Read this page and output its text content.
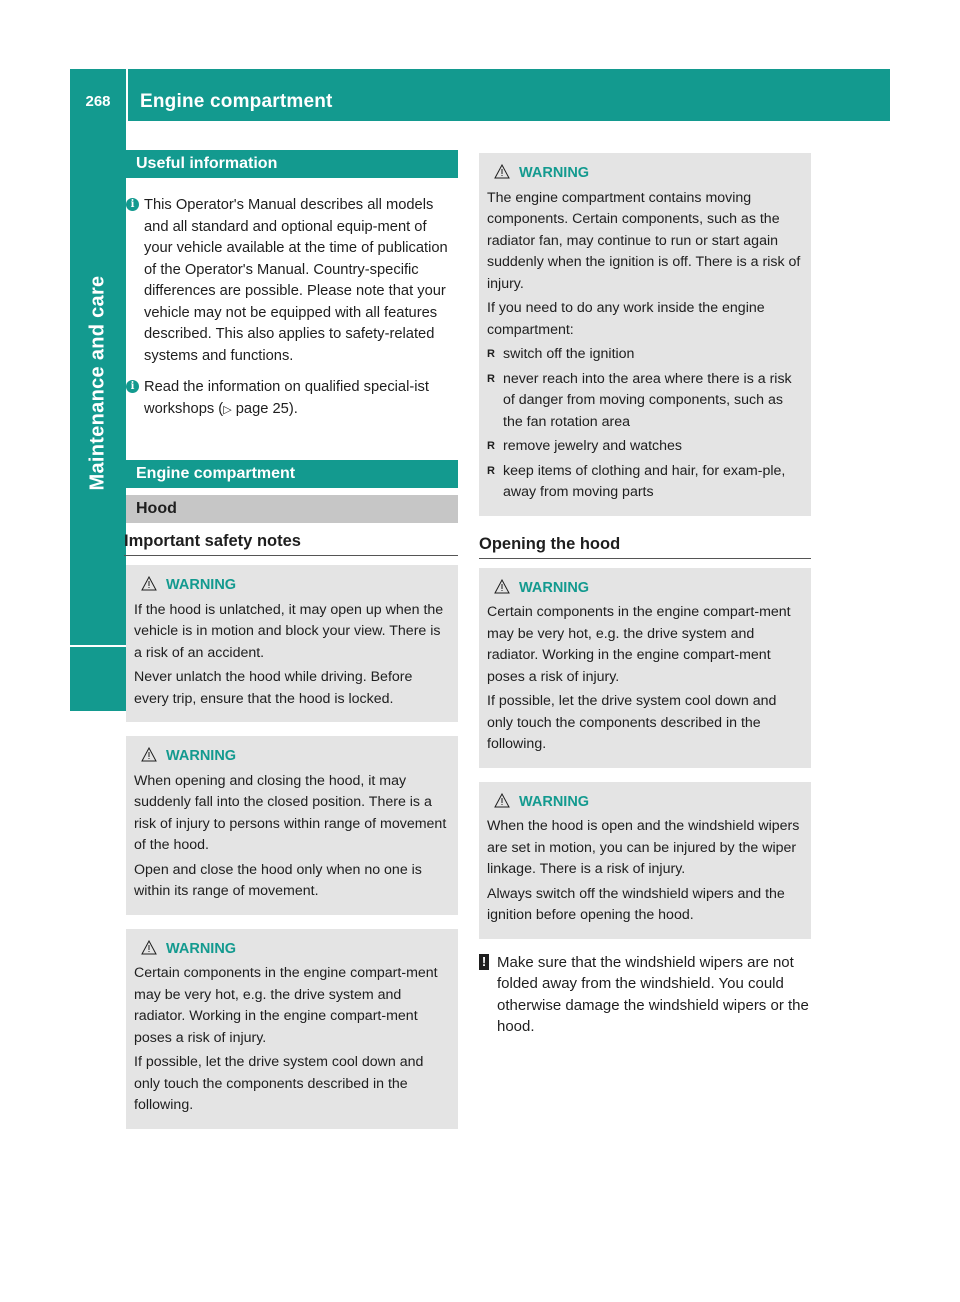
268	Engine compartment
Maintenance and care
Useful information
i This Operator's Manual describes all models and all standard and optional equip-ment of your vehicle available at the time of publication of the Operator's Manual. Country-specific differences are possible. Please note that your vehicle may not be equipped with all features described. This also applies to safety-related systems and functions.
i Read the information on qualified special-ist workshops (▷ page 25).
Engine compartment
Hood
Important safety notes
WARNING

If the hood is unlatched, it may open up when the vehicle is in motion and block your view. There is a risk of an accident.

Never unlatch the hood while driving. Before every trip, ensure that the hood is locked.

WARNING

When opening and closing the hood, it may suddenly fall into the closed position. There is a risk of injury to persons within range of movement of the hood.

Open and close the hood only when no one is within its range of movement.

WARNING

Certain components in the engine compart-ment may be very hot, e.g. the drive system and radiator. Working in the engine compart-ment poses a risk of injury.

If possible, let the drive system cool down and only touch the components described in the following.

WARNING

The engine compartment contains moving components. Certain components, such as the radiator fan, may continue to run or start again suddenly when the ignition is off. There is a risk of injury.

If you need to do any work inside the engine compartment:

R switch off the ignition
R never reach into the area where there is a risk of danger from moving components, such as the fan rotation area
R remove jewelry and watches
R keep items of clothing and hair, for exam-ple, away from moving parts
Opening the hood
WARNING

Certain components in the engine compart-ment may be very hot, e.g. the drive system and radiator. Working in the engine compart-ment poses a risk of injury.

If possible, let the drive system cool down and only touch the components described in the following.

WARNING

When the hood is open and the windshield wipers are set in motion, you can be injured by the wiper linkage. There is a risk of injury.

Always switch off the windshield wipers and the ignition before opening the hood.

! Make sure that the windshield wipers are not folded away from the windshield. You could otherwise damage the windshield wipers or the hood.
